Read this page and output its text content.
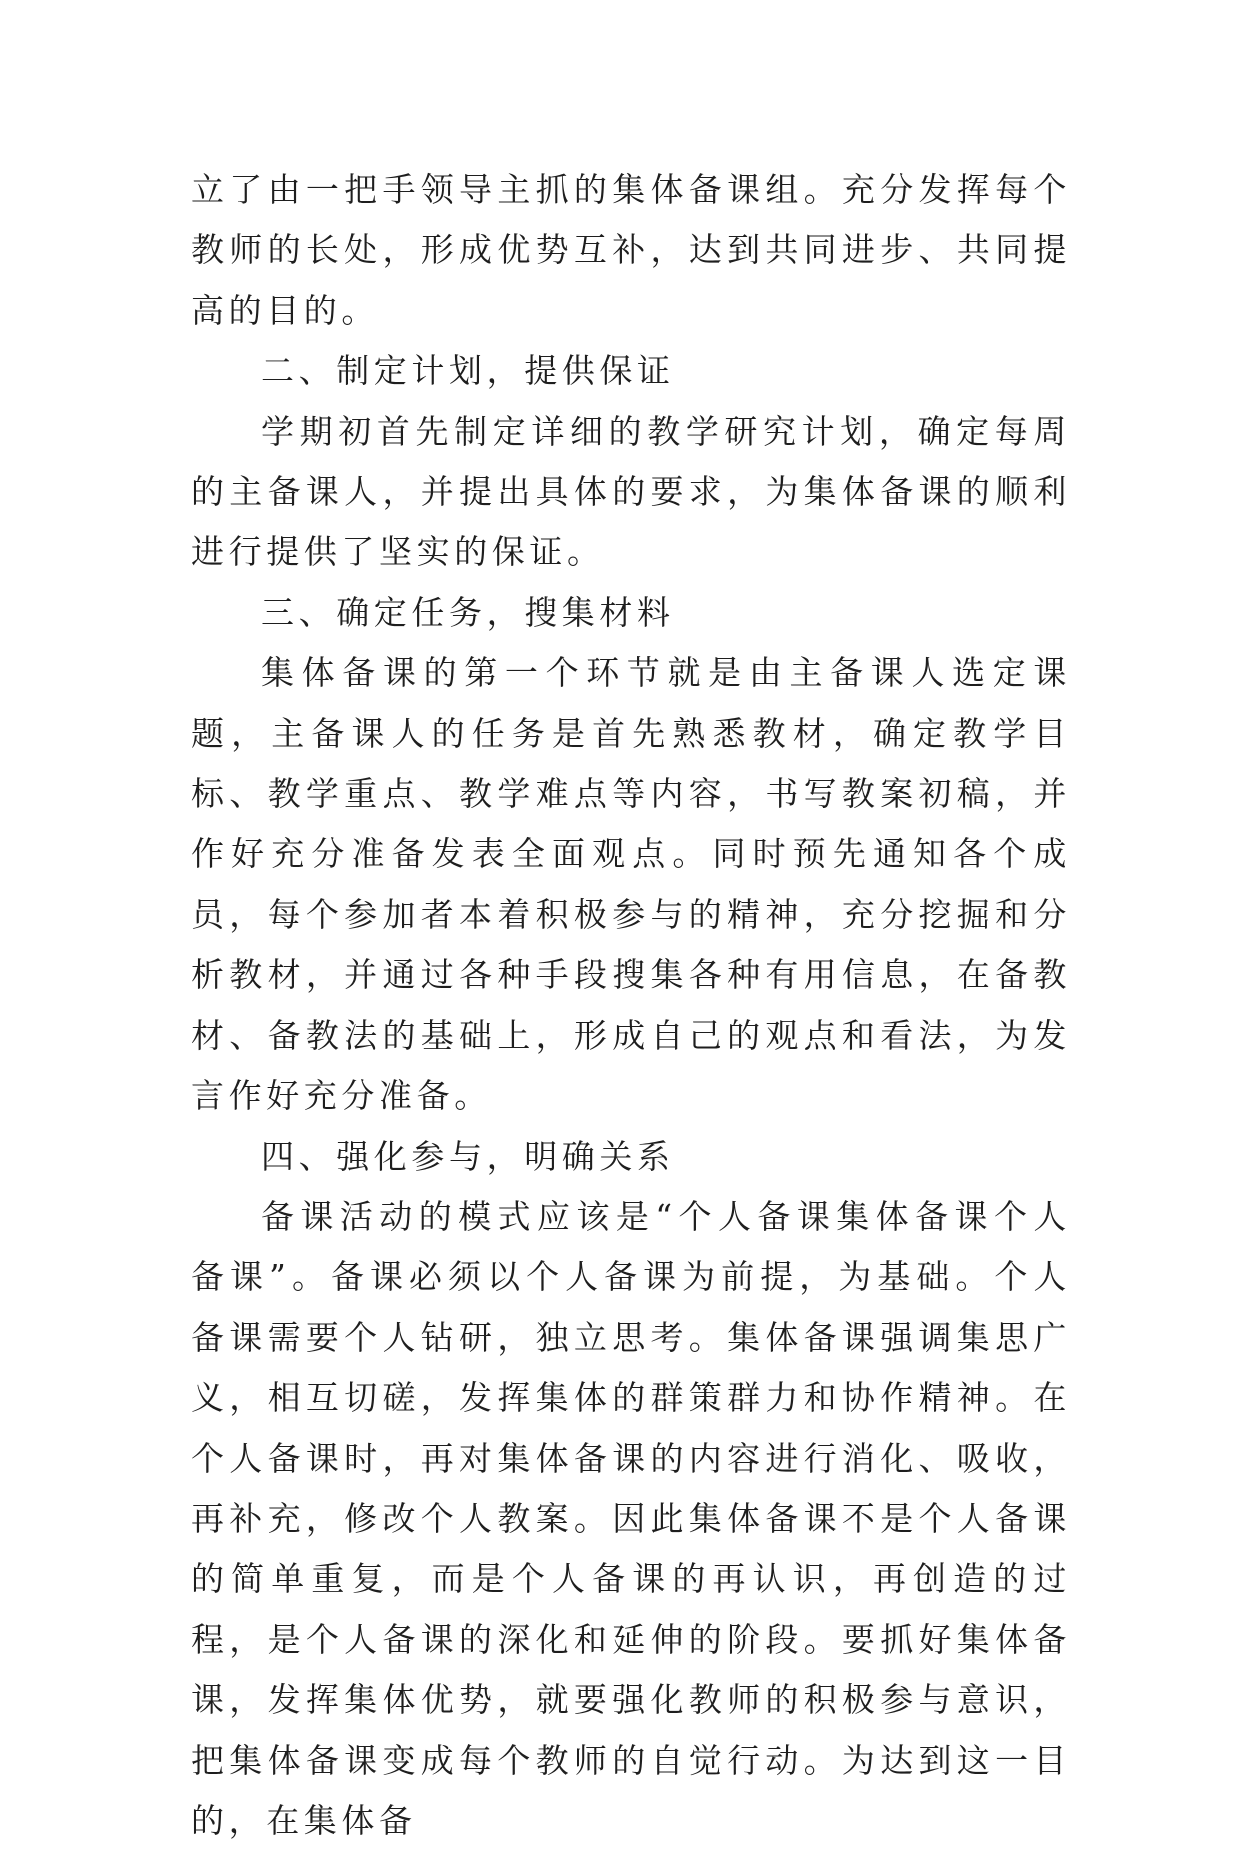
立了由一把手领导主抓的集体备课组。充分发挥每个教师的长处，形成优势互补，达到共同进步、共同提高的目的。

二、制定计划，提供保证

学期初首先制定详细的教学研究计划，确定每周的主备课人，并提出具体的要求，为集体备课的顺利进行提供了坚实的保证。

三、确定任务，搜集材料

集体备课的第一个环节就是由主备课人选定课题，主备课人的任务是首先熟悉教材，确定教学目标、教学重点、教学难点等内容，书写教案初稿，并作好充分准备发表全面观点。同时预先通知各个成员，每个参加者本着积极参与的精神，充分挖掘和分析教材，并通过各种手段搜集各种有用信息，在备教材、备教法的基础上，形成自己的观点和看法，为发言作好充分准备。

四、强化参与，明确关系

备课活动的模式应该是“个人备课集体备课个人备课”。备课必须以个人备课为前提，为基础。个人备课需要个人钻研，独立思考。集体备课强调集思广义，相互切磋，发挥集体的群策群力和协作精神。在个人备课时，再对集体备课的内容进行消化、吸收，再补充，修改个人教案。因此集体备课不是个人备课的简单重复，而是个人备课的再认识，再创造的过程，是个人备课的深化和延伸的阶段。要抓好集体备课，发挥集体优势，就要强化教师的积极参与意识，把集体备课变成每个教师的自觉行动。为达到这一目的，在集体备
